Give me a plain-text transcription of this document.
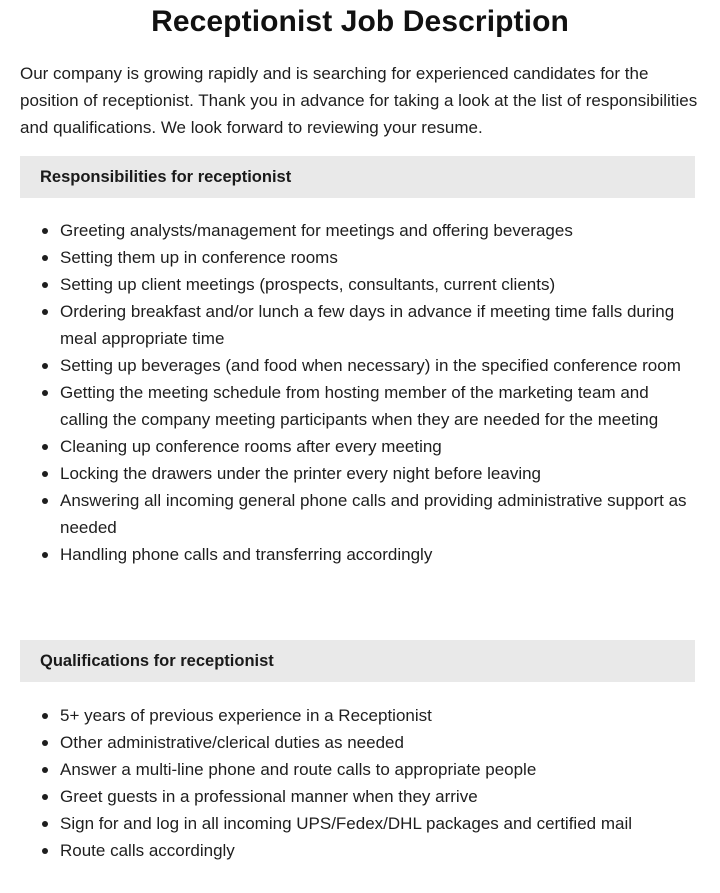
Receptionist Job Description

Our company is growing rapidly and is searching for experienced candidates for the position of receptionist. Thank you in advance for taking a look at the list of responsibilities and qualifications. We look forward to reviewing your resume.

Responsibilities for receptionist
Greeting analysts/management for meetings and offering beverages
Setting them up in conference rooms
Setting up client meetings (prospects, consultants, current clients)
Ordering breakfast and/or lunch a few days in advance if meeting time falls during meal appropriate time
Setting up beverages (and food when necessary) in the specified conference room
Getting the meeting schedule from hosting member of the marketing team and calling the company meeting participants when they are needed for the meeting
Cleaning up conference rooms after every meeting
Locking the drawers under the printer every night before leaving
Answering all incoming general phone calls and providing administrative support as needed
Handling phone calls and transferring accordingly
Qualifications for receptionist
5+ years of previous experience in a Receptionist
Other administrative/clerical duties as needed
Answer a multi-line phone and route calls to appropriate people
Greet guests in a professional manner when they arrive
Sign for and log in all incoming UPS/Fedex/DHL packages and certified mail
Route calls accordingly
